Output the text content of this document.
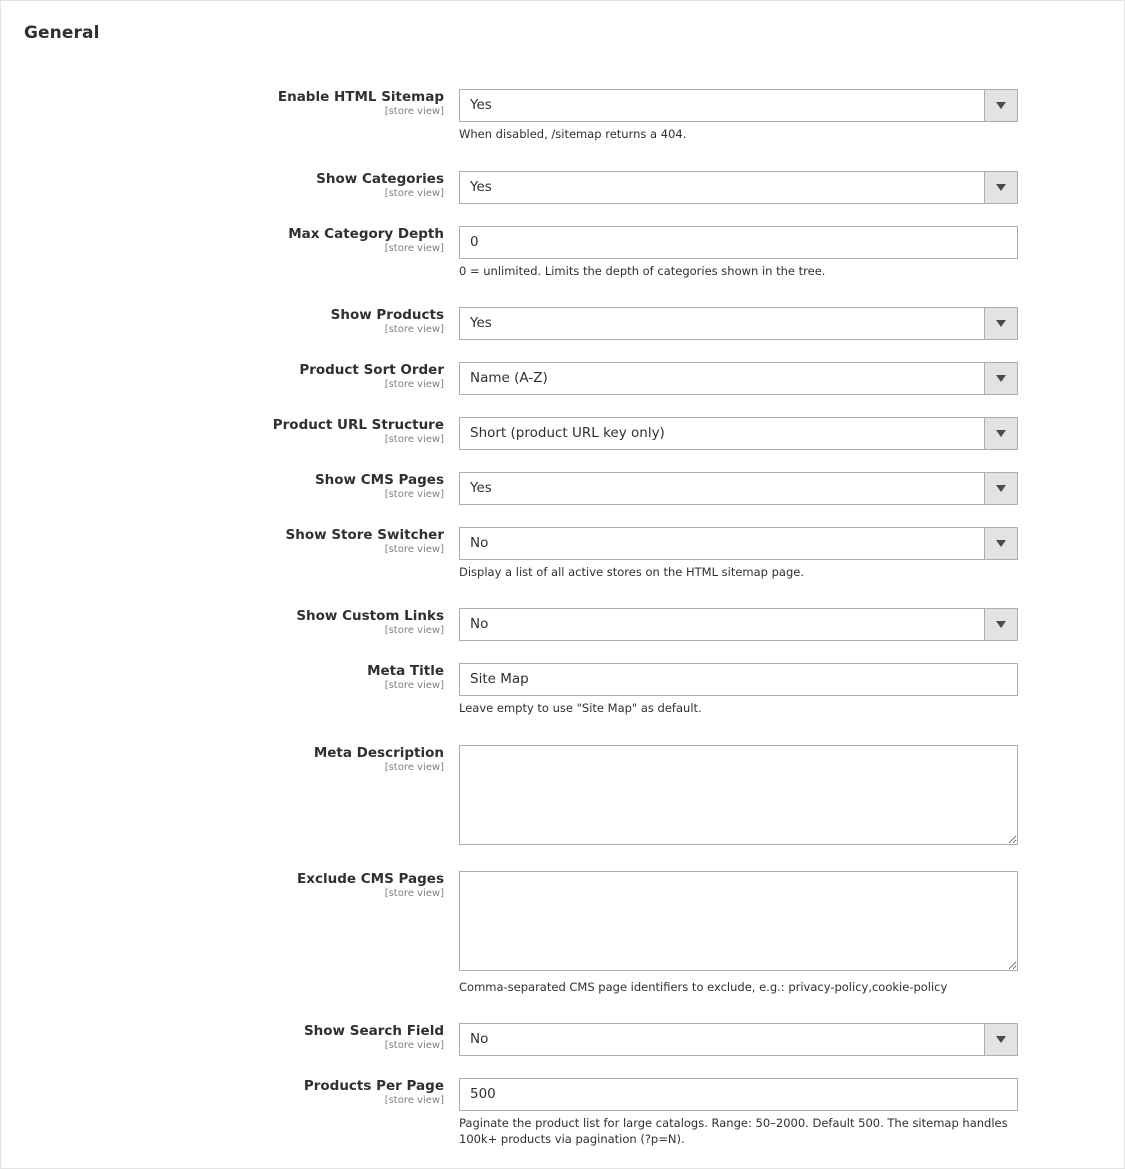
General
Enable HTML Sitemap
[store view] Yes
When disabled, /sitemap returns a 404.
Show Categories
[store view] Yes
Max Category Depth
[store view] 0
0 = unlimited. Limits the depth of categories shown in the tree.
Show Products
[store view] Yes
Product Sort Order
[store view] Name (A-Z)
Product URL Structure
[store view] Short (product URL key only)
Show CMS Pages
[store view] Yes
Show Store Switcher
[store view] No
Display a list of all active stores on the HTML sitemap page.
Show Custom Links
[store view] No
Meta Title
[store view] Site Map
Leave empty to use "Site Map" as default.
Meta Description
[store view]
Exclude CMS Pages
[store view]
Comma-separated CMS page identifiers to exclude, e.g.: privacy-policy,cookie-policy
Show Search Field
[store view] No
Products Per Page
[store view] 500
Paginate the product list for large catalogs. Range: 50–2000. Default 500. The sitemap handles 100k+ products via pagination (?p=N).
